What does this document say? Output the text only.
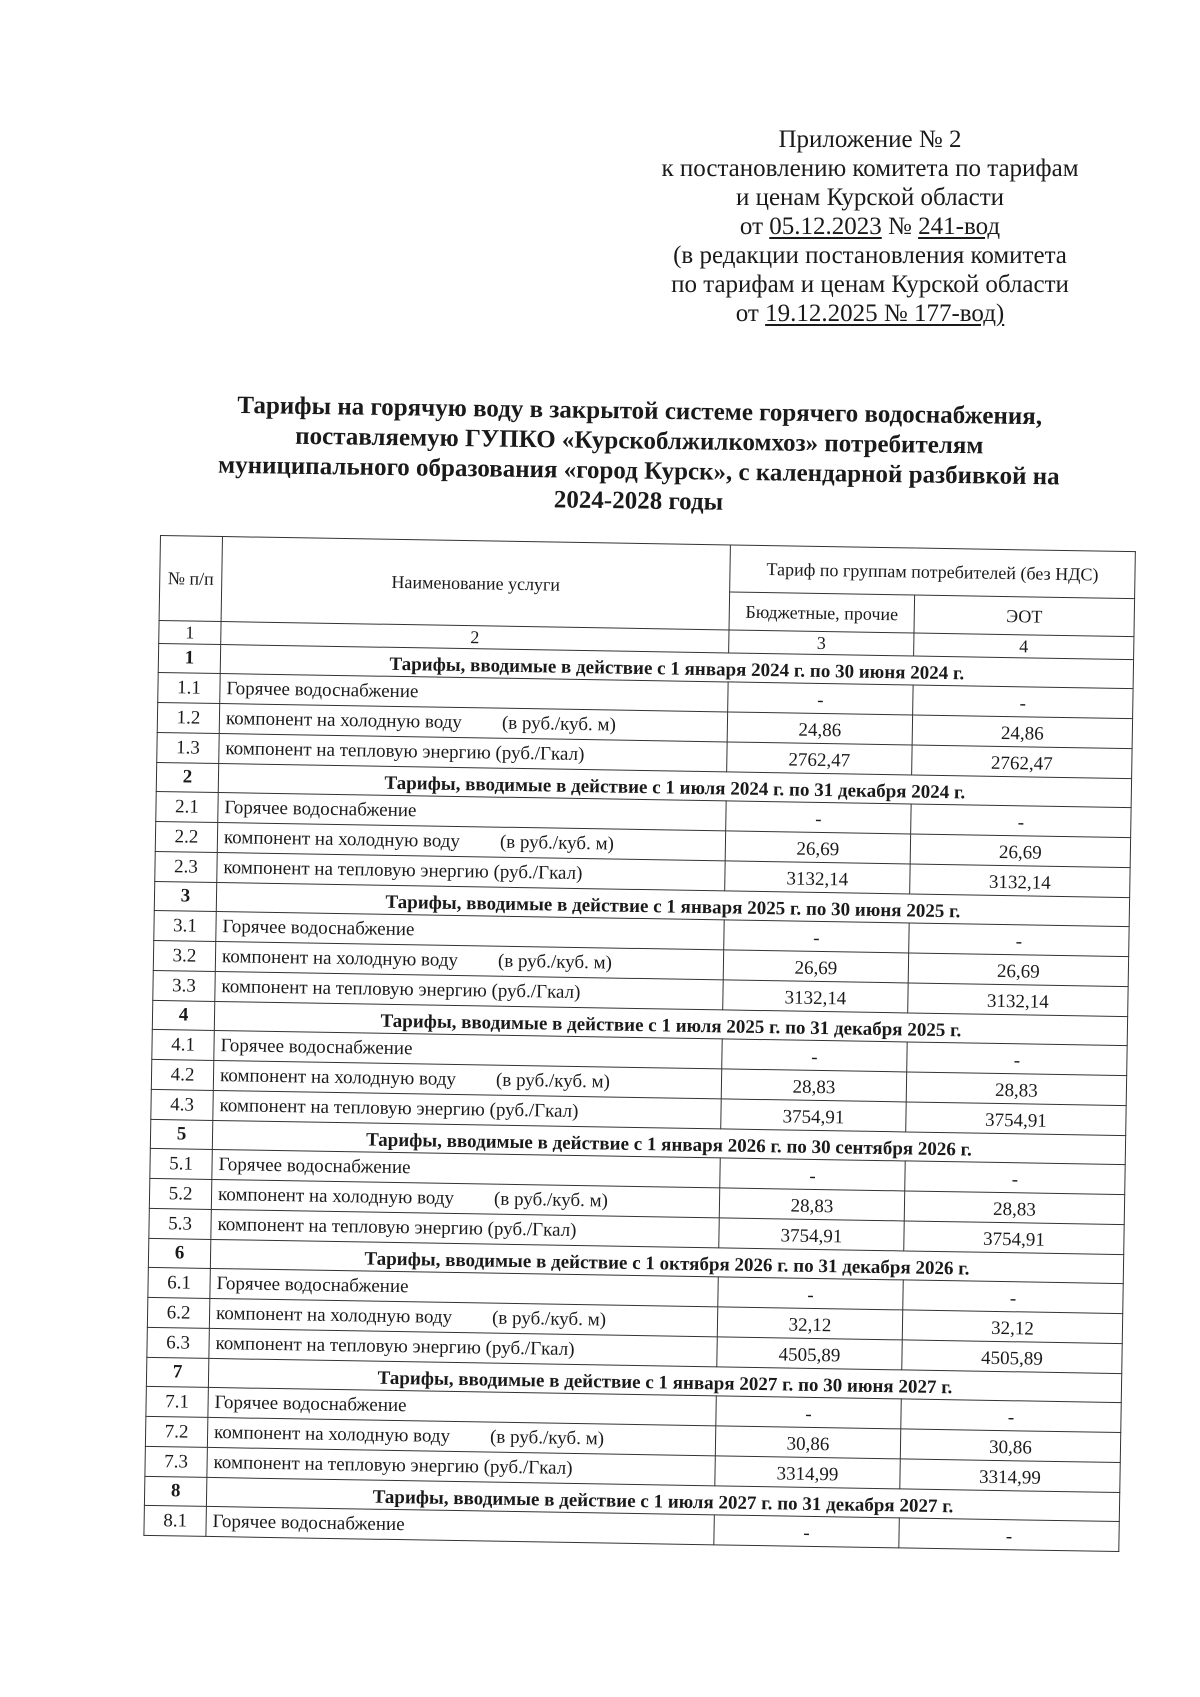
Приложение № 2
к постановлению комитета по тарифам
и ценам Курской области
от 05.12.2023 № 241-вод
(в редакции постановления комитета
по тарифам и ценам Курской области
от 19.12.2025 № 177-вод)
Тарифы на горячую воду в закрытой системе горячего водоснабжения,
поставляемую ГУПКО «Курскоблжилкомхоз» потребителям
муниципального образования «город Курск», с календарной разбивкой на
2024-2028 годы
№ п/п	Наименование услуги	Тариф по группам потребителей (без НДС)	
		Бюджетные, прочие	ЭОТ
1	2	3	4
1	Тарифы, вводимые в действие с 1 января 2024 г. по 30 июня 2024 г.		
1.1	Горячее водоснабжение	-	-
1.2	компонент на холодную воду (в руб./куб. м)	24,86	24,86
1.3	компонент на тепловую энергию (руб./Гкал)	2762,47	2762,47
2	Тарифы, вводимые в действие с 1 июля 2024 г. по 31 декабря 2024 г.		
2.1	Горячее водоснабжение	-	-
2.2	компонент на холодную воду (в руб./куб. м)	26,69	26,69
2.3	компонент на тепловую энергию (руб./Гкал)	3132,14	3132,14
3	Тарифы, вводимые в действие с 1 января 2025 г. по 30 июня 2025 г.		
3.1	Горячее водоснабжение	-	-
3.2	компонент на холодную воду (в руб./куб. м)	26,69	26,69
3.3	компонент на тепловую энергию (руб./Гкал)	3132,14	3132,14
4	Тарифы, вводимые в действие с 1 июля 2025 г. по 31 декабря 2025 г.		
4.1	Горячее водоснабжение	-	-
4.2	компонент на холодную воду (в руб./куб. м)	28,83	28,83
4.3	компонент на тепловую энергию (руб./Гкал)	3754,91	3754,91
5	Тарифы, вводимые в действие с 1 января 2026 г. по 30 сентября 2026 г.		
5.1	Горячее водоснабжение	-	-
5.2	компонент на холодную воду (в руб./куб. м)	28,83	28,83
5.3	компонент на тепловую энергию (руб./Гкал)	3754,91	3754,91
6	Тарифы, вводимые в действие с 1 октября 2026 г. по 31 декабря 2026 г.		
6.1	Горячее водоснабжение	-	-
6.2	компонент на холодную воду (в руб./куб. м)	32,12	32,12
6.3	компонент на тепловую энергию (руб./Гкал)	4505,89	4505,89
7	Тарифы, вводимые в действие с 1 января 2027 г. по 30 июня 2027 г.		
7.1	Горячее водоснабжение	-	-
7.2	компонент на холодную воду (в руб./куб. м)	30,86	30,86
7.3	компонент на тепловую энергию (руб./Гкал)	3314,99	3314,99
8	Тарифы, вводимые в действие с 1 июля 2027 г. по 31 декабря 2027 г.		
8.1	Горячее водоснабжение	-	-
